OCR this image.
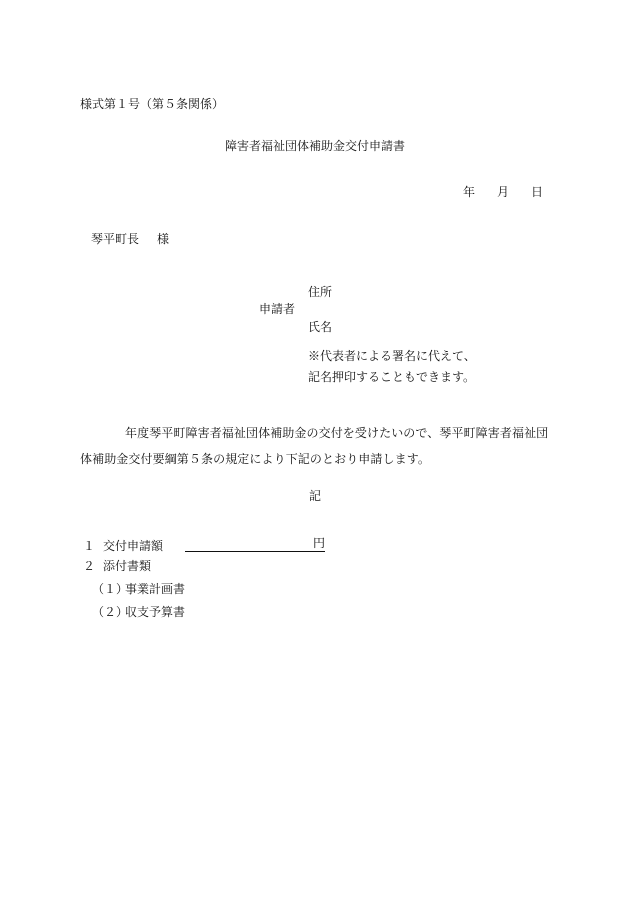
様式第１号（第５条関係）
障害者福祉団体補助金交付申請書
年 月 日
琴平町長 様
住所
申請者
氏名
※代表者による署名に代えて、
記名押印することもできます。
年度琴平町障害者福祉団体補助金の交付を受けたいので、琴平町障害者福祉団体補助金交付要綱第５条の規定により下記のとおり申請します。
記
１ 交付申請額	円
２ 添付書類
（１）事業計画書
（２）収支予算書
